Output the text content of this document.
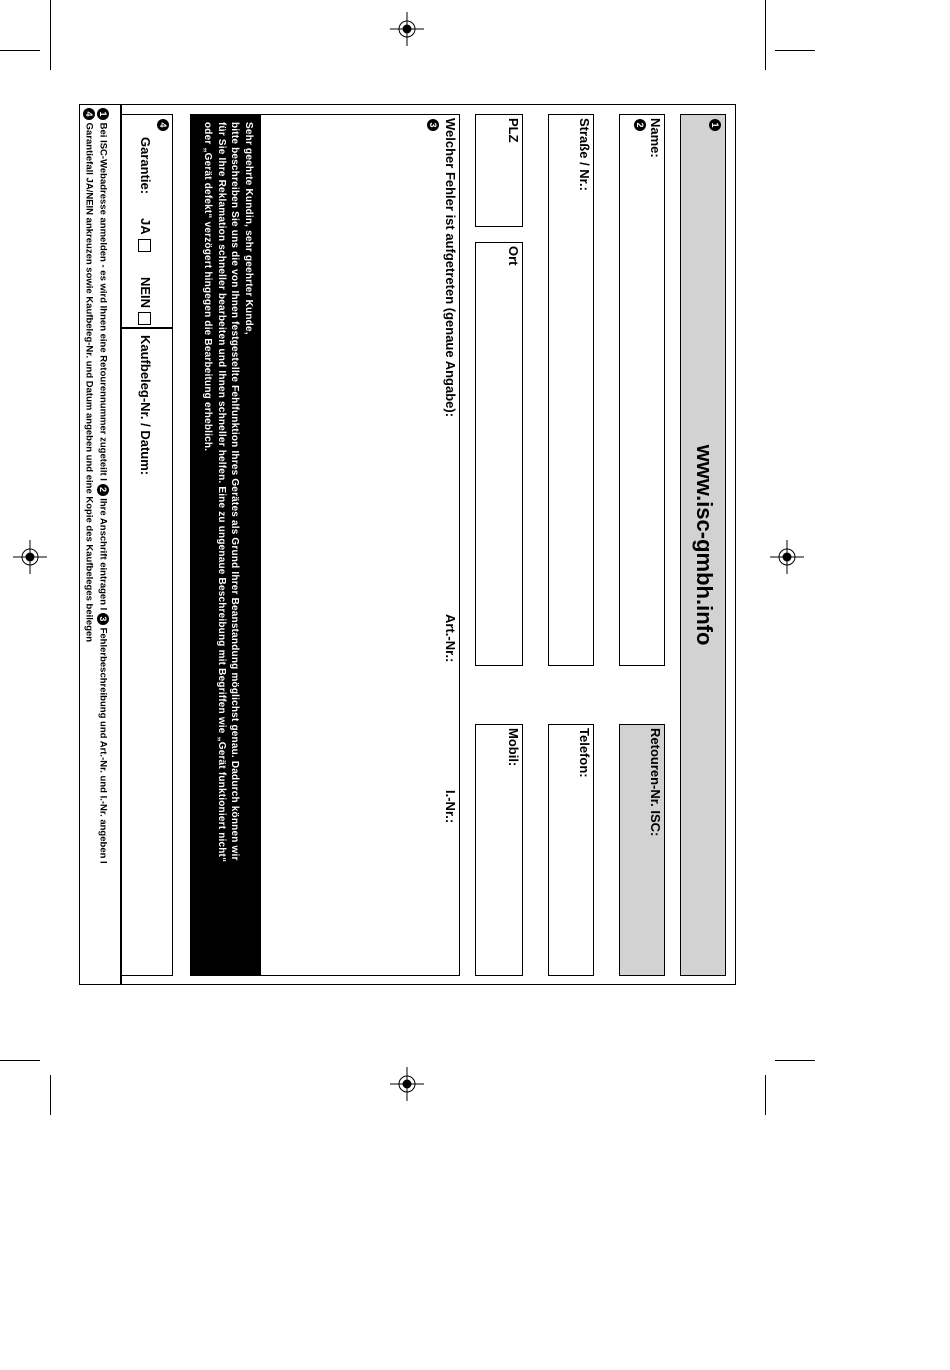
1
www.isc-gmbh.info
Name:
2
Retouren-Nr. ISC:
Straße / Nr.:
Telefon:
PLZ
Ort
Mobil:
Welcher Fehler ist aufgetreten (genaue Angabe):
3
Art.-Nr.:
I.-Nr.:
Sehr geehrte Kundin, sehr geehrter Kunde,
bitte beschreiben Sie uns die von Ihnen festgestellte Fehlfunktion Ihres Gerätes als Grund Ihrer Beanstandung möglichst genau. Dadurch können wir
für Sie Ihre Reklamation schneller bearbeiten und Ihnen schneller helfen. Eine zu ungenaue Beschreibung mit Begriffen wie „Gerät funktioniert nicht“
oder „Gerät defekt“ verzögert hingegen die Bearbeitung erheblich.
4
Garantie:
JA
NEIN
Kaufbeleg-Nr. / Datum:
1 Bei ISC-Webadresse anmelden - es wird Ihnen eine Retourennummer zugeteilt I 2 Ihre Anschrift eintragen I 3 Fehlerbeschreibung und Art.-Nr. und I.-Nr. angeben I
4 Garantiefall JA/NEIN ankreuzen sowie Kaufbeleg-Nr. und Datum angeben und eine Kopie des Kaufbeleges beilegen
